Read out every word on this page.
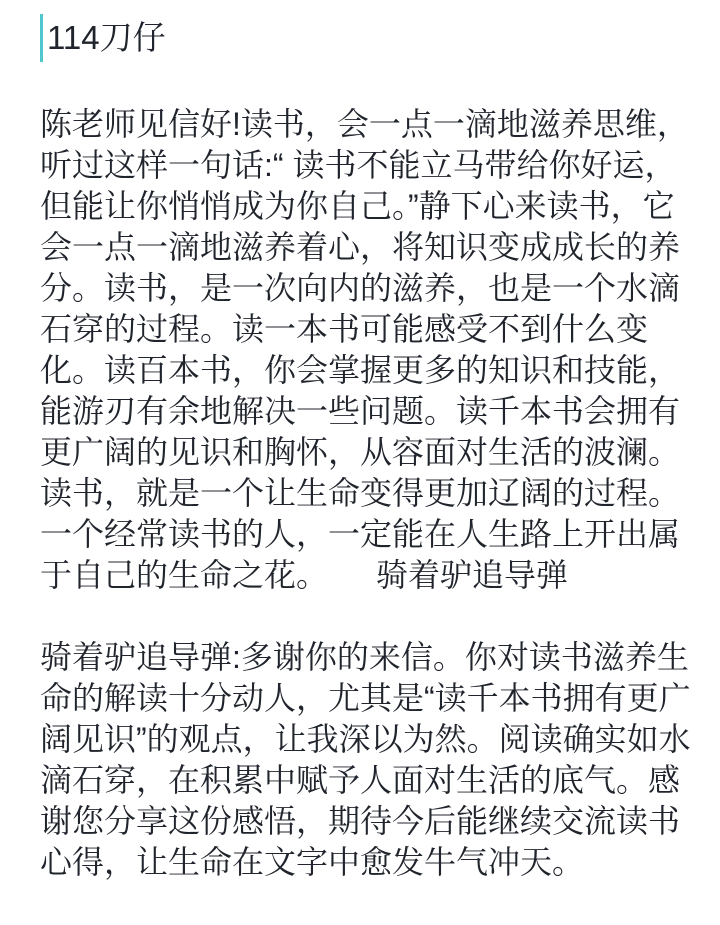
114刀仔

陈老师见信好!读书，会一点一滴地滋养思维，听过这样一句话:“ 读书不能立马带给你好运，但能让你悄悄成为你自己。”静下心来读书，它会一点一滴地滋养着心，将知识变成成长的养分。读书，是一次向内的滋养，也是一个水滴石穿的过程。读一本书可能感受不到什么变化。读百本书，你会掌握更多的知识和技能，能游刃有余地解决一些问题。读千本书会拥有更广阔的见识和胸怀，从容面对生活的波澜。读书，就是一个让生命变得更加辽阔的过程。一个经常读书的人，一定能在人生路上开出属于自己的生命之花。　　骑着驴追导弹

骑着驴追导弹:多谢你的来信。你对读书滋养生命的解读十分动人，尤其是“读千本书拥有更广阔见识”的观点，让我深以为然。阅读确实如水滴石穿，在积累中赋予人面对生活的底气。感谢您分享这份感悟，期待今后能继续交流读书心得，让生命在文字中愈发牛气冲天。
